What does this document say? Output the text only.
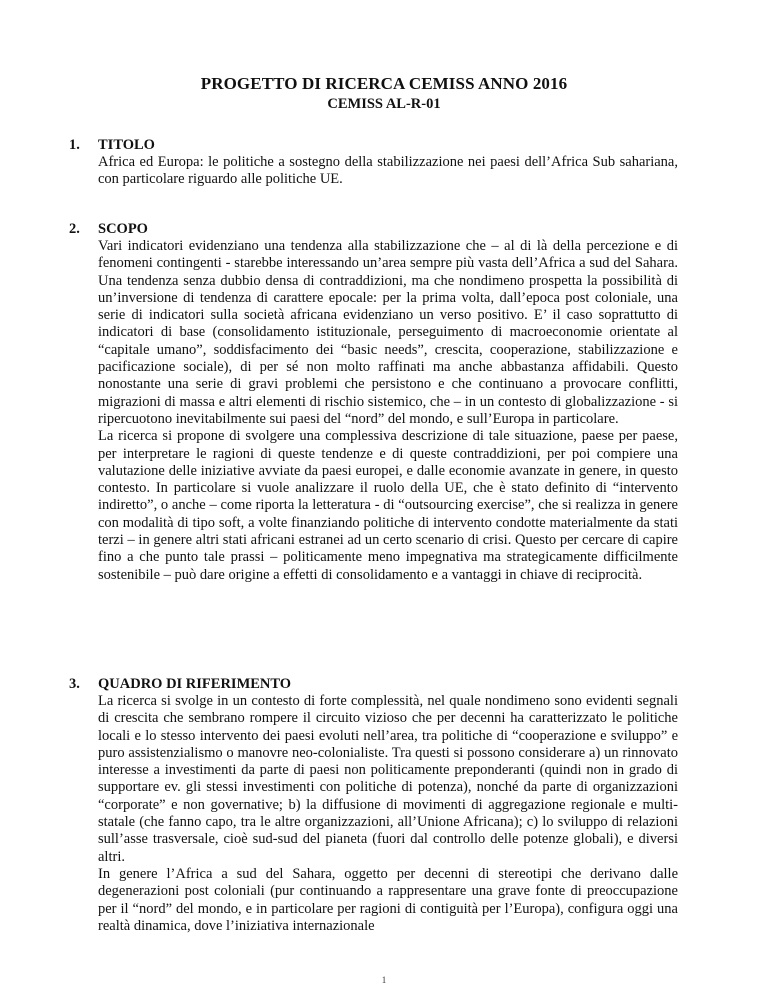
PROGETTO DI RICERCA CEMISS ANNO 2016
CEMISS AL-R-01
1. TITOLO

Africa ed Europa: le politiche a sostegno della stabilizzazione nei paesi dell’Africa Sub sahariana, con particolare riguardo alle politiche UE.

2. SCOPO

Vari indicatori evidenziano una tendenza alla stabilizzazione che – al di là della percezione e di fenomeni contingenti - starebbe interessando un’area sempre più vasta dell’Africa a sud del Sahara. Una tendenza senza dubbio densa di contraddizioni, ma che nondimeno prospetta la possibilità di un’inversione di tendenza di carattere epocale: per la prima volta, dall’epoca post coloniale, una serie di indicatori sulla società africana evidenziano un verso positivo. E’ il caso soprattutto di indicatori di base (consolidamento istituzionale, perseguimento di macroeconomie orientate al “capitale umano”, soddisfacimento dei “basic needs”, crescita, cooperazione, stabilizzazione e pacificazione sociale), di per sé non molto raffinati ma anche abbastanza affidabili. Questo nonostante una serie di gravi problemi che persistono e che continuano a provocare conflitti, migrazioni di massa e altri elementi di rischio sistemico, che – in un contesto di globalizzazione - si ripercuotono inevitabilmente sui paesi del “nord” del mondo, e sull’Europa in particolare.

La ricerca si propone di svolgere una complessiva descrizione di tale situazione, paese per paese, per interpretare le ragioni di queste tendenze e di queste contraddizioni, per poi compiere una valutazione delle iniziative avviate da paesi europei, e dalle economie avanzate in genere, in questo contesto. In particolare si vuole analizzare il ruolo della UE, che è stato definito di “intervento indiretto”, o anche – come riporta la letteratura - di “outsourcing exercise”, che si realizza in genere con modalità di tipo soft, a volte finanziando politiche di intervento condotte materialmente da stati terzi – in genere altri stati africani estranei ad un certo scenario di crisi. Questo per cercare di capire fino a che punto tale prassi – politicamente meno impegnativa ma strategicamente difficilmente sostenibile – può dare origine a effetti di consolidamento e a vantaggi in chiave di reciprocità.

3. QUADRO DI RIFERIMENTO

La ricerca si svolge in un contesto di forte complessità, nel quale nondimeno sono evidenti segnali di crescita che sembrano rompere il circuito vizioso che per decenni ha caratterizzato le politiche locali e lo stesso intervento dei paesi evoluti nell’area, tra politiche di “cooperazione e sviluppo” e puro assistenzialismo o manovre neo-colonialiste. Tra questi si possono considerare a) un rinnovato interesse a investimenti da parte di paesi non politicamente preponderanti (quindi non in grado di supportare ev. gli stessi investimenti con politiche di potenza), nonché da parte di organizzazioni “corporate” e non governative; b) la diffusione di movimenti di aggregazione regionale e multi-statale (che fanno capo, tra le altre organizzazioni, all’Unione Africana); c) lo sviluppo di relazioni sull’asse trasversale, cioè sud-sud del pianeta (fuori dal controllo delle potenze globali), e diversi altri.

In genere l’Africa a sud del Sahara, oggetto per decenni di stereotipi che derivano dalle degenerazioni post coloniali (pur continuando a rappresentare una grave fonte di preoccupazione per il “nord” del mondo, e in particolare per ragioni di contiguità per l’Europa), configura oggi una realtà dinamica, dove l’iniziativa internazionale

1
